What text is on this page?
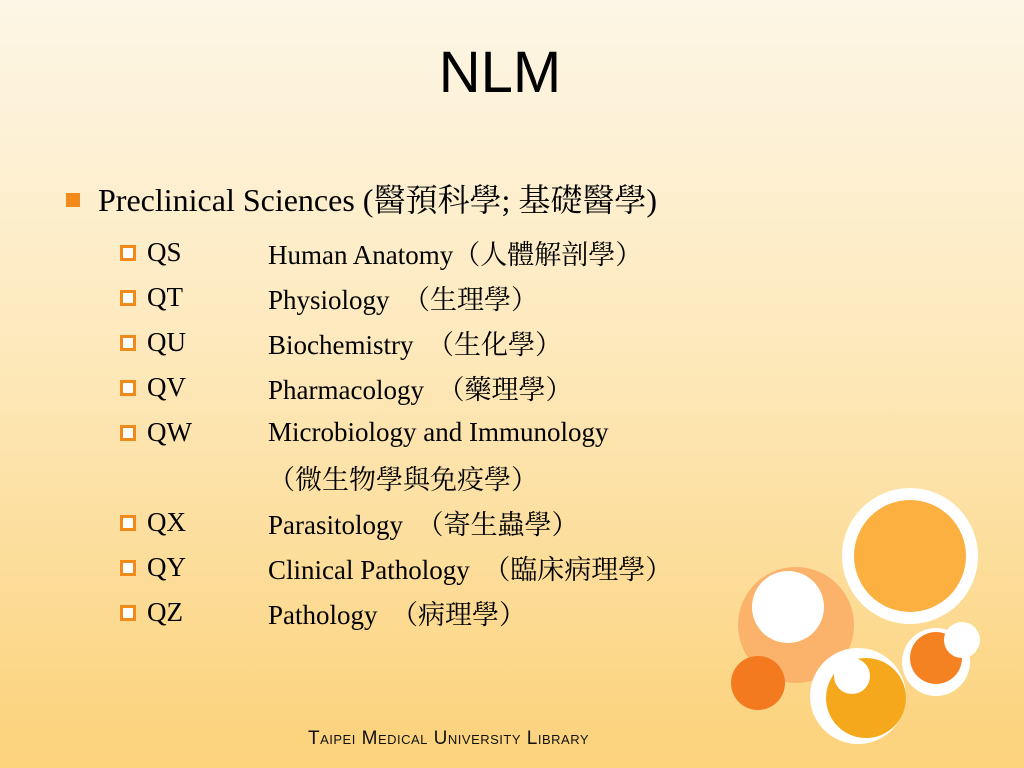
NLM
Preclinical Sciences (醫預科學; 基礎醫學)
QS	Human Anatomy（人體解剖學）
QT	Physiology　（生理學）
QU	Biochemistry　（生化學）
QV	Pharmacology　（藥理學）
QW	Microbiology and Immunology
（微生物學與免疫學）
QX	Parasitology　（寄生蟲學）
QY	Clinical Pathology　（臨床病理學）
QZ	Pathology　（病理學）
Taipei Medical University Library
